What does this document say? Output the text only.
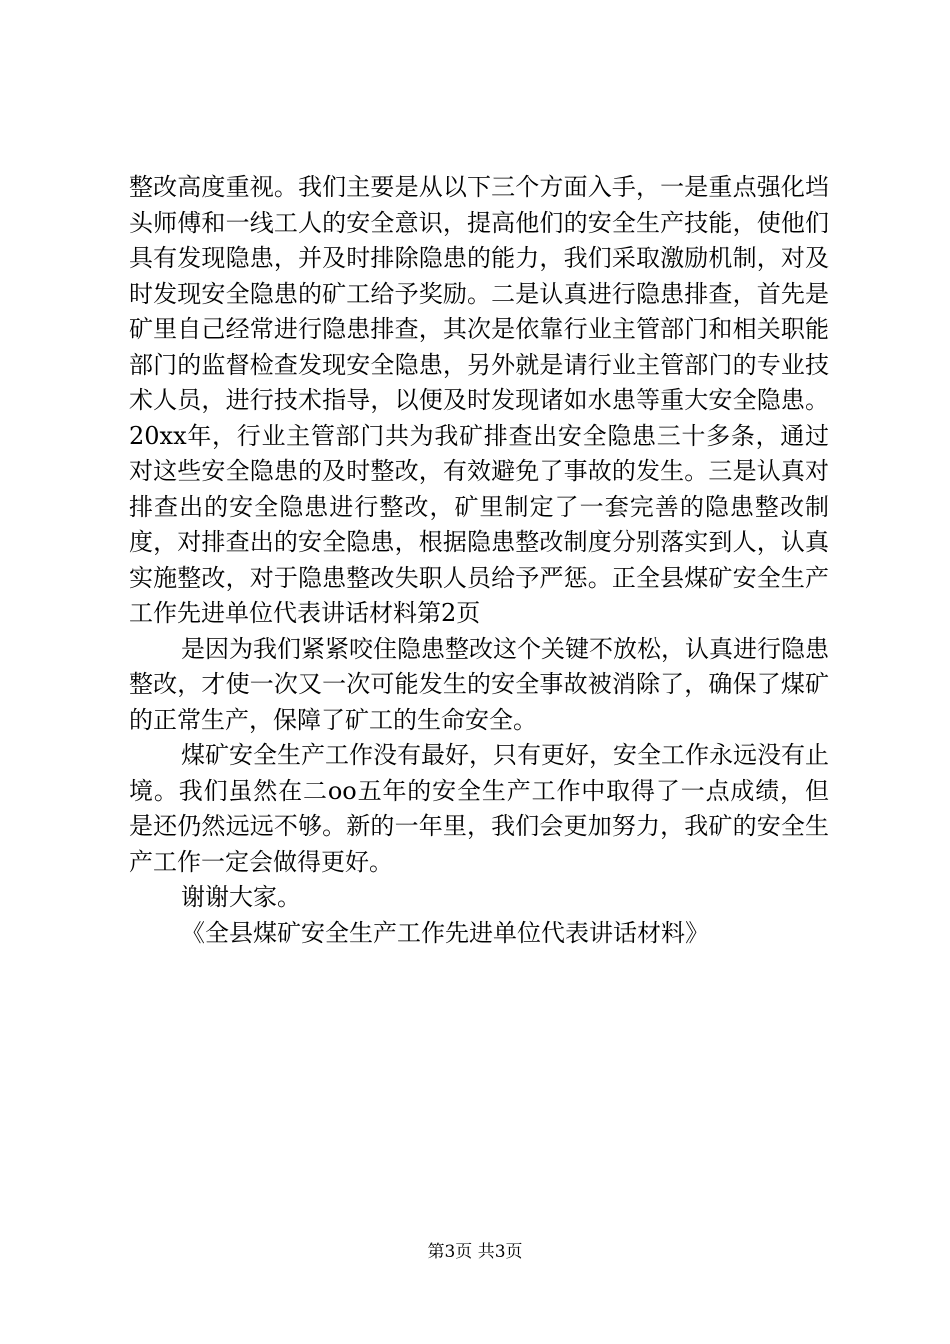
整改高度重视。我们主要是从以下三个方面入手，一是重点强化垱头师傅和一线工人的安全意识，提高他们的安全生产技能，使他们具有发现隐患，并及时排除隐患的能力，我们采取激励机制，对及时发现安全隐患的矿工给予奖励。二是认真进行隐患排查，首先是矿里自己经常进行隐患排查，其次是依靠行业主管部门和相关职能部门的监督检查发现安全隐患，另外就是请行业主管部门的专业技术人员，进行技术指导，以便及时发现诸如水患等重大安全隐患。20xx年，行业主管部门共为我矿排查出安全隐患三十多条，通过对这些安全隐患的及时整改，有效避免了事故的发生。三是认真对排查出的安全隐患进行整改，矿里制定了一套完善的隐患整改制度，对排查出的安全隐患，根据隐患整改制度分别落实到人，认真实施整改，对于隐患整改失职人员给予严惩。正全县煤矿安全生产工作先进单位代表讲话材料第2页

是因为我们紧紧咬住隐患整改这个关键不放松，认真进行隐患整改，才使一次又一次可能发生的安全事故被消除了，确保了煤矿的正常生产，保障了矿工的生命安全。

煤矿安全生产工作没有最好，只有更好，安全工作永远没有止境。我们虽然在二oo五年的安全生产工作中取得了一点成绩，但是还仍然远远不够。新的一年里，我们会更加努力，我矿的安全生产工作一定会做得更好。

谢谢大家。

《全县煤矿安全生产工作先进单位代表讲话材料》

第3页 共3页
